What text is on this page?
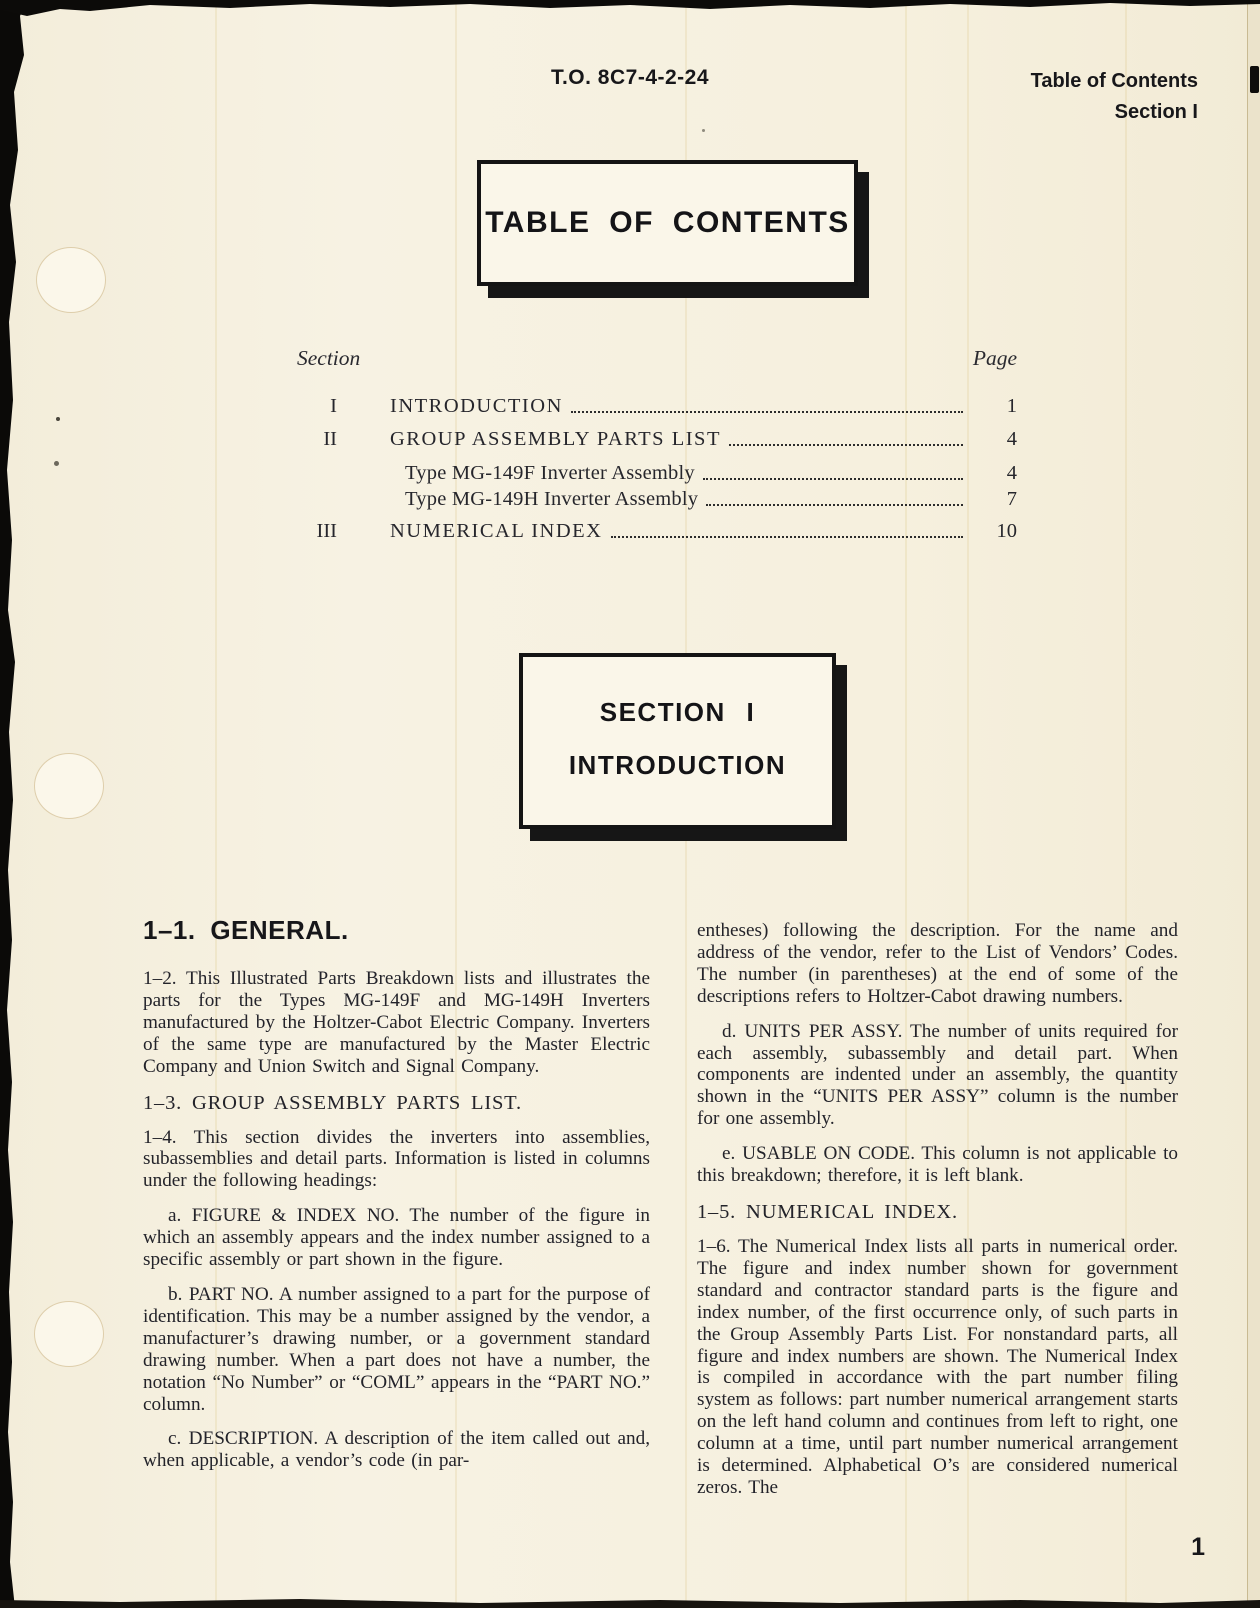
T.O. 8C7-4-2-24	Table of Contents
Section I
TABLE OF CONTENTS
Section	Page
I	INTRODUCTION	1
II	GROUP ASSEMBLY PARTS LIST	4
Type MG-149F Inverter Assembly	4
Type MG-149H Inverter Assembly	7
III	NUMERICAL INDEX	10
SECTION I
INTRODUCTION
1–1. GENERAL.

1–2. This Illustrated Parts Breakdown lists and illustrates the parts for the Types MG-149F and MG-149H Inverters manufactured by the Holtzer-Cabot Electric Company. Inverters of the same type are manufactured by the Master Electric Company and Union Switch and Signal Company.

1–3. GROUP ASSEMBLY PARTS LIST.

1–4. This section divides the inverters into assemblies, subassemblies and detail parts. Information is listed in columns under the following headings:

a. FIGURE & INDEX NO. The number of the figure in which an assembly appears and the index number assigned to a specific assembly or part shown in the figure.

b. PART NO. A number assigned to a part for the purpose of identification. This may be a number assigned by the vendor, a manufacturer’s drawing number, or a government standard drawing number. When a part does not have a number, the notation “No Number” or “COML” appears in the “PART NO.” column.

c. DESCRIPTION. A description of the item called out and, when applicable, a vendor’s code (in par-

entheses) following the description. For the name and address of the vendor, refer to the List of Vendors’ Codes. The number (in parentheses) at the end of some of the descriptions refers to Holtzer-Cabot drawing numbers.

d. UNITS PER ASSY. The number of units required for each assembly, subassembly and detail part. When components are indented under an assembly, the quantity shown in the “UNITS PER ASSY” column is the number for one assembly.

e. USABLE ON CODE. This column is not applicable to this breakdown; therefore, it is left blank.

1–5. NUMERICAL INDEX.

1–6. The Numerical Index lists all parts in numerical order. The figure and index number shown for government standard and contractor standard parts is the figure and index number, of the first occurrence only, of such parts in the Group Assembly Parts List. For nonstandard parts, all figure and index numbers are shown. The Numerical Index is compiled in accordance with the part number filing system as follows: part number numerical arrangement starts on the left hand column and continues from left to right, one column at a time, until part number numerical arrangement is determined. Alphabetical O’s are considered numerical zeros. The

1
